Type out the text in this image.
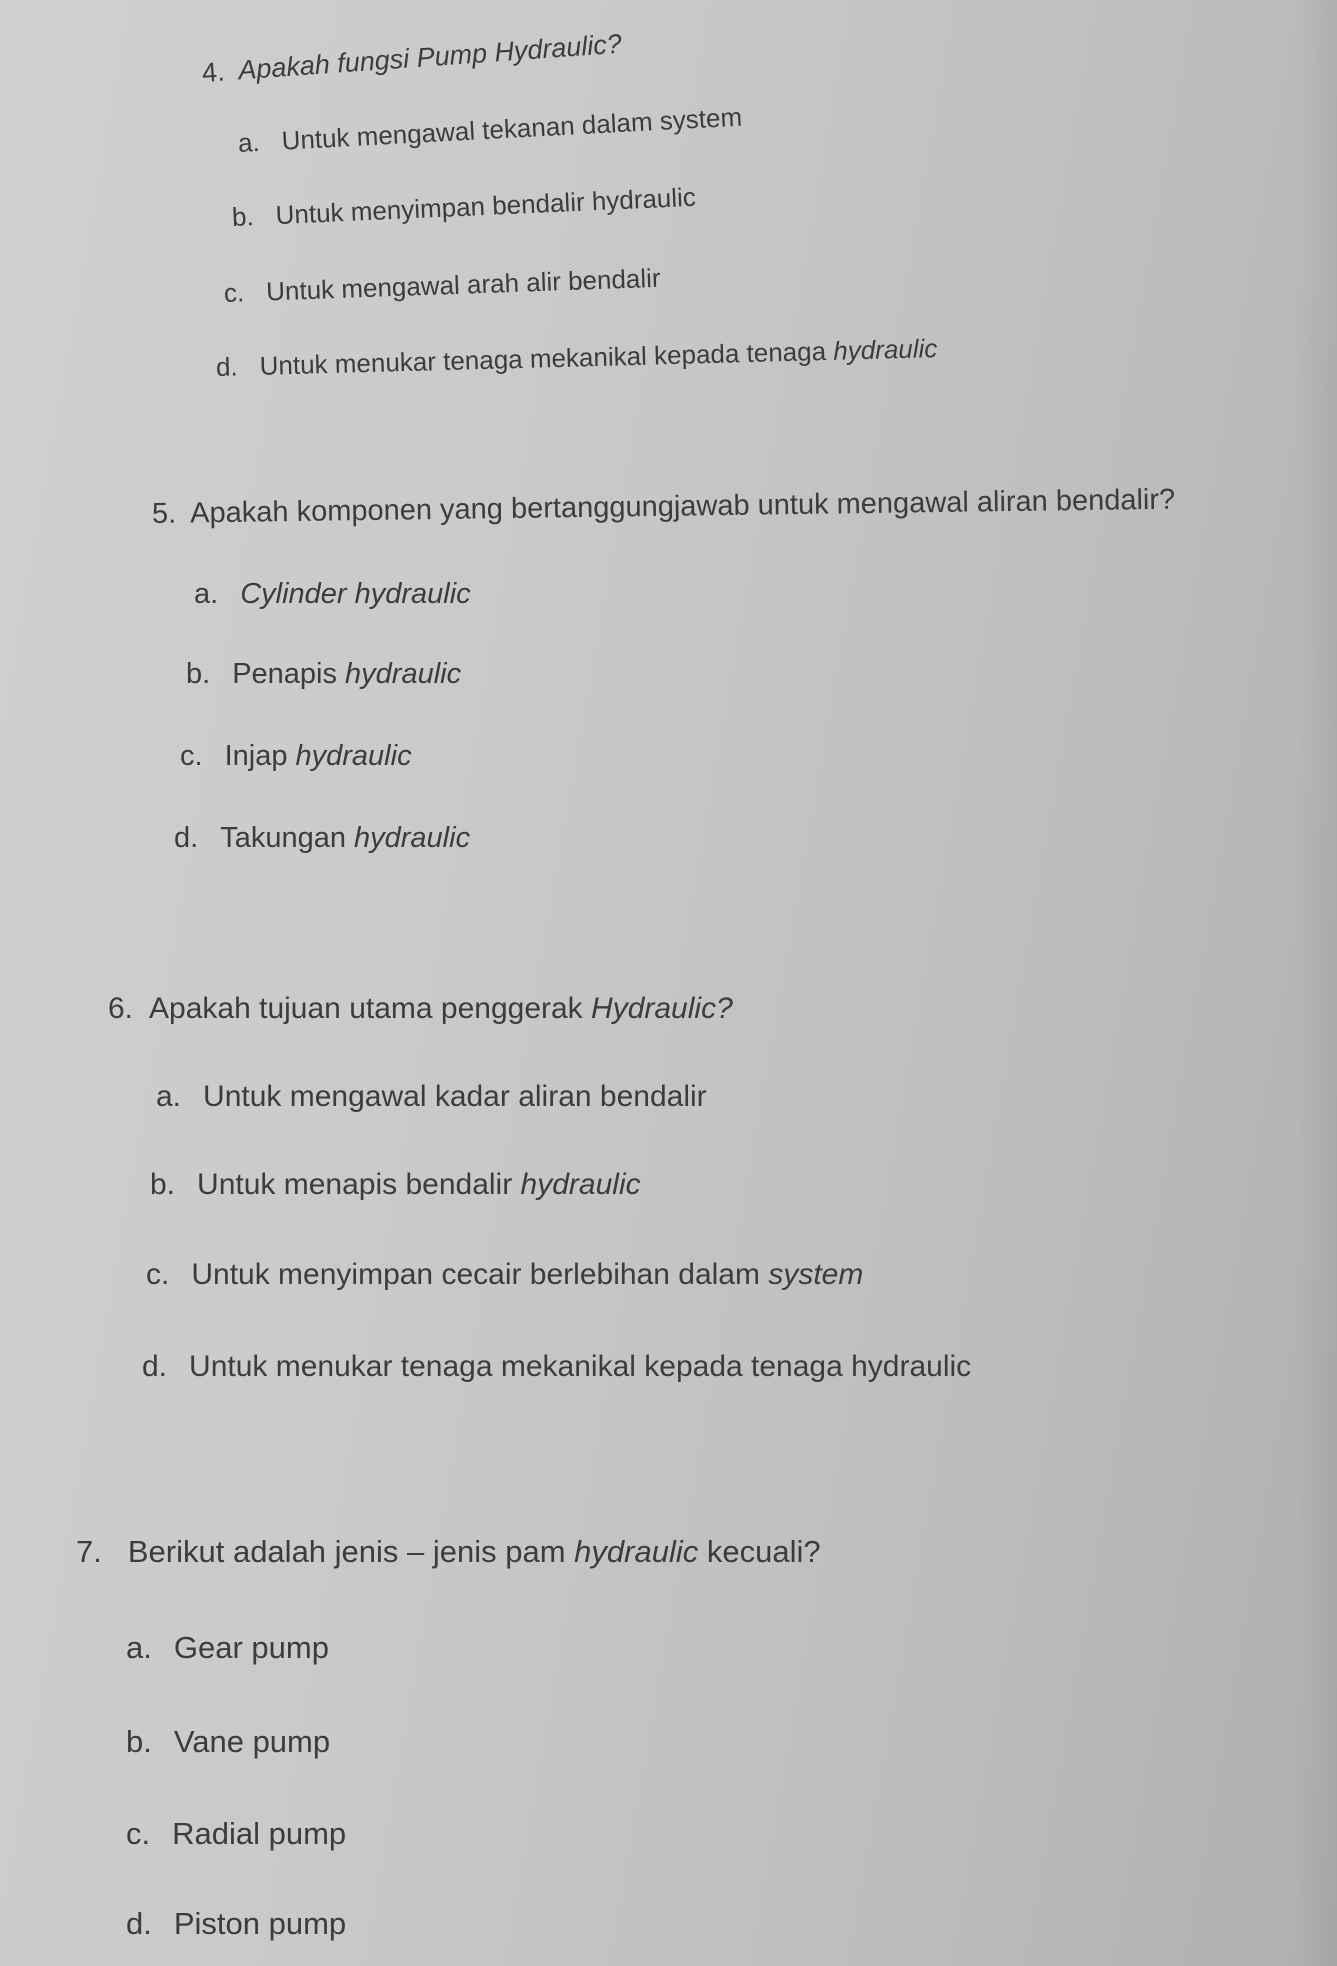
4. Apakah fungsi Pump Hydraulic?
a. Untuk mengawal tekanan dalam system
b. Untuk menyimpan bendalir hydraulic
c. Untuk mengawal arah alir bendalir
d. Untuk menukar tenaga mekanikal kepada tenaga hydraulic
5. Apakah komponen yang bertanggungjawab untuk mengawal aliran bendalir?
a. Cylinder hydraulic
b. Penapis hydraulic
c. Injap hydraulic
d. Takungan hydraulic
6. Apakah tujuan utama penggerak Hydraulic?
a. Untuk mengawal kadar aliran bendalir
b. Untuk menapis bendalir hydraulic
c. Untuk menyimpan cecair berlebihan dalam system
d. Untuk menukar tenaga mekanikal kepada tenaga hydraulic
7. Berikut adalah jenis – jenis pam hydraulic kecuali?
a. Gear pump
b. Vane pump
c. Radial pump
d. Piston pump
